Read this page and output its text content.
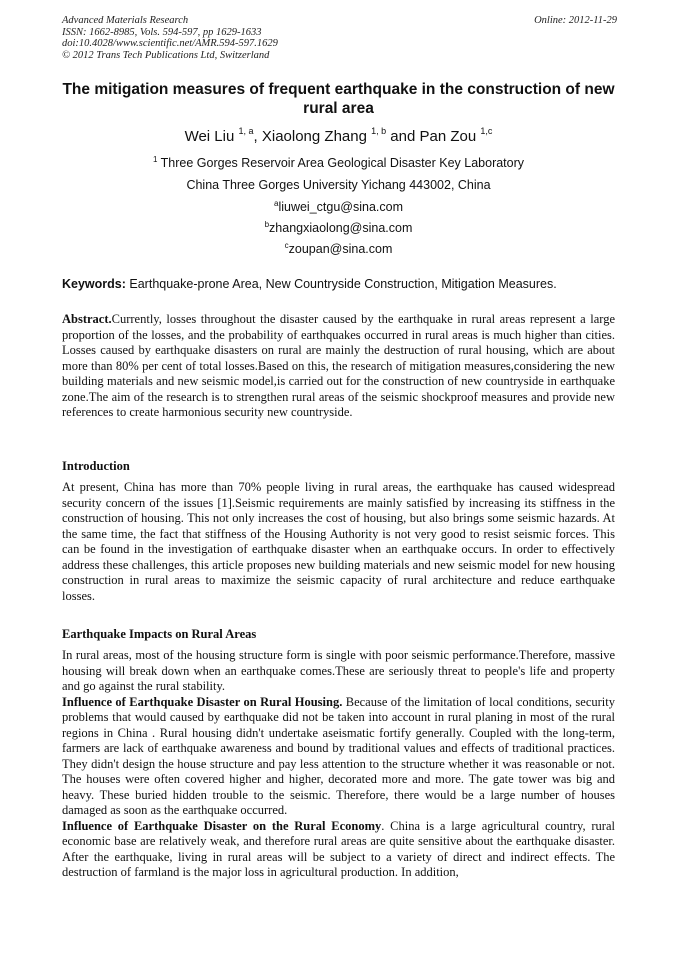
Advanced Materials Research
ISSN: 1662-8985, Vols. 594-597, pp 1629-1633
doi:10.4028/www.scientific.net/AMR.594-597.1629
© 2012 Trans Tech Publications Ltd, Switzerland
Online: 2012-11-29
The mitigation measures of frequent earthquake in the construction of new rural area
Wei Liu $^{1, a}$, Xiaolong Zhang $^{1, b}$ and Pan Zou $^{1,c}$
$^1$ Three Gorges Reservoir Area Geological Disaster Key Laboratory
China Three Gorges University Yichang 443002, China
$^a$liuwei_ctgu@sina.com
$^b$zhangxiaolong@sina.com
$^c$zoupan@sina.com
Keywords: Earthquake-prone Area, New Countryside Construction, Mitigation Measures.
Abstract.Currently, losses throughout the disaster caused by the earthquake in rural areas represent a large proportion of the losses, and the probability of earthquakes occurred in rural areas is much higher than cities. Losses caused by earthquake disasters on rural are mainly the destruction of rural housing, which are about more than 80% per cent of total losses.Based on this, the research of mitigation measures,considering the new building materials and new seismic model,is carried out for the construction of new countryside in earthquake zone.The aim of the research is to strengthen rural areas of the seismic shockproof measures and provide new references to create harmonious security new countryside.
Introduction
At present, China has more than 70% people living in rural areas, the earthquake has caused widespread security concern of the issues [1].Seismic requirements are mainly satisfied by increasing its stiffness in the construction of housing. This not only increases the cost of housing, but also brings some seismic hazards. At the same time, the fact that stiffness of the Housing Authority is not very good to resist seismic forces. This can be found in the investigation of earthquake disaster when an earthquake occurs. In order to effectively address these challenges, this article proposes new building materials and new seismic model for new housing construction in rural areas to maximize the seismic capacity of rural architecture and reduce earthquake losses.
Earthquake Impacts on Rural Areas
In rural areas, most of the housing structure form is single with poor seismic performance.Therefore, massive housing will break down when an earthquake comes.These are seriously threat to people's life and property and go against the rural stability.
Influence of Earthquake Disaster on Rural Housing. Because of the limitation of local conditions, security problems that would caused by earthquake did not be taken into account in rural planing in most of the rural regions in China . Rural housing didn't undertake aseismatic fortify generally. Coupled with the long-term, farmers are lack of earthquake awareness and bound by traditional values and effects of traditional practices. They didn't design the house structure and pay less attention to the structure whether it was reasonable or not. The houses were often covered higher and higher, decorated more and more. The gate tower was big and heavy. These buried hidden trouble to the seismic. Therefore, there would be a large number of houses damaged as soon as the earthquake occurred.
Influence of Earthquake Disaster on the Rural Economy. China is a large agricultural country, rural economic base are relatively weak, and therefore rural areas are quite sensitive about the earthquake disaster. After the earthquake, living in rural areas will be subject to a variety of direct and indirect effects. The destruction of farmland is the major loss in agricultural production. In addition,
